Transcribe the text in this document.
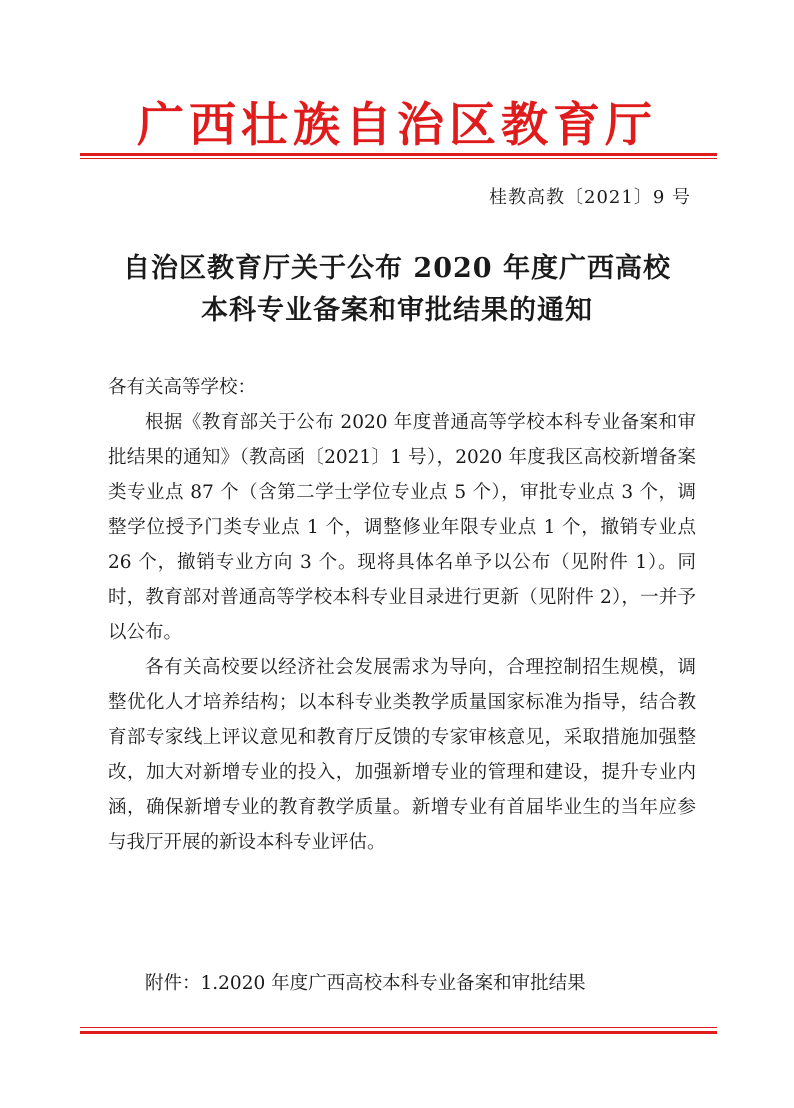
广西壮族自治区教育厅
桂教高教〔2021〕9 号
自治区教育厅关于公布 2020 年度广西高校
本科专业备案和审批结果的通知

各有关高等学校：

根据《教育部关于公布 2020 年度普通高等学校本科专业备案和审批结果的通知》（教高函〔2021〕1 号），2020 年度我区高校新增备案类专业点 87 个（含第二学士学位专业点 5 个），审批专业点 3 个，调整学位授予门类专业点 1 个，调整修业年限专业点 1 个，撤销专业点 26 个，撤销专业方向 3 个。现将具体名单予以公布（见附件 1）。同时，教育部对普通高等学校本科专业目录进行更新（见附件 2），一并予以公布。

各有关高校要以经济社会发展需求为导向，合理控制招生规模，调整优化人才培养结构；以本科专业类教学质量国家标准为指导，结合教育部专家线上评议意见和教育厅反馈的专家审核意见，采取措施加强整改，加大对新增专业的投入，加强新增专业的管理和建设，提升专业内涵，确保新增专业的教育教学质量。新增专业有首届毕业生的当年应参与我厅开展的新设本科专业评估。

附件：1.2020 年度广西高校本科专业备案和审批结果
